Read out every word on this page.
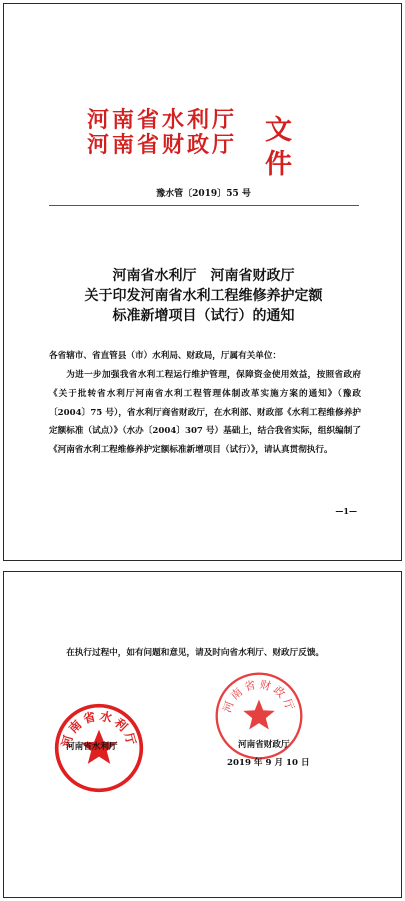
河南省水利厅
河南省财政厅 文件
豫水管〔2019〕55 号
河南省水利厅　河南省财政厅
关于印发河南省水利工程维修养护定额
标准新增项目（试行）的通知
各省辖市、省直管县（市）水利局、财政局，厅属有关单位：
为进一步加强我省水利工程运行维护管理，保障资金使用效益，按照省政府《关于批转省水利厅河南省水利工程管理体制改革实施方案的通知》（豫政〔2004〕75 号），省水利厅商省财政厅，在水利部、财政部《水利工程维修养护定额标准（试点）》（水办〔2004〕307 号）基础上，结合我省实际，组织编制了《河南省水利工程维修养护定额标准新增项目（试行）》，请认真贯彻执行。
—1—
在执行过程中，如有问题和意见，请及时向省水利厅、财政厅反馈。
河南省水利厅
河南省财政厅
河南省水利厅	河南省财政厅
2019 年 9 月 10 日
